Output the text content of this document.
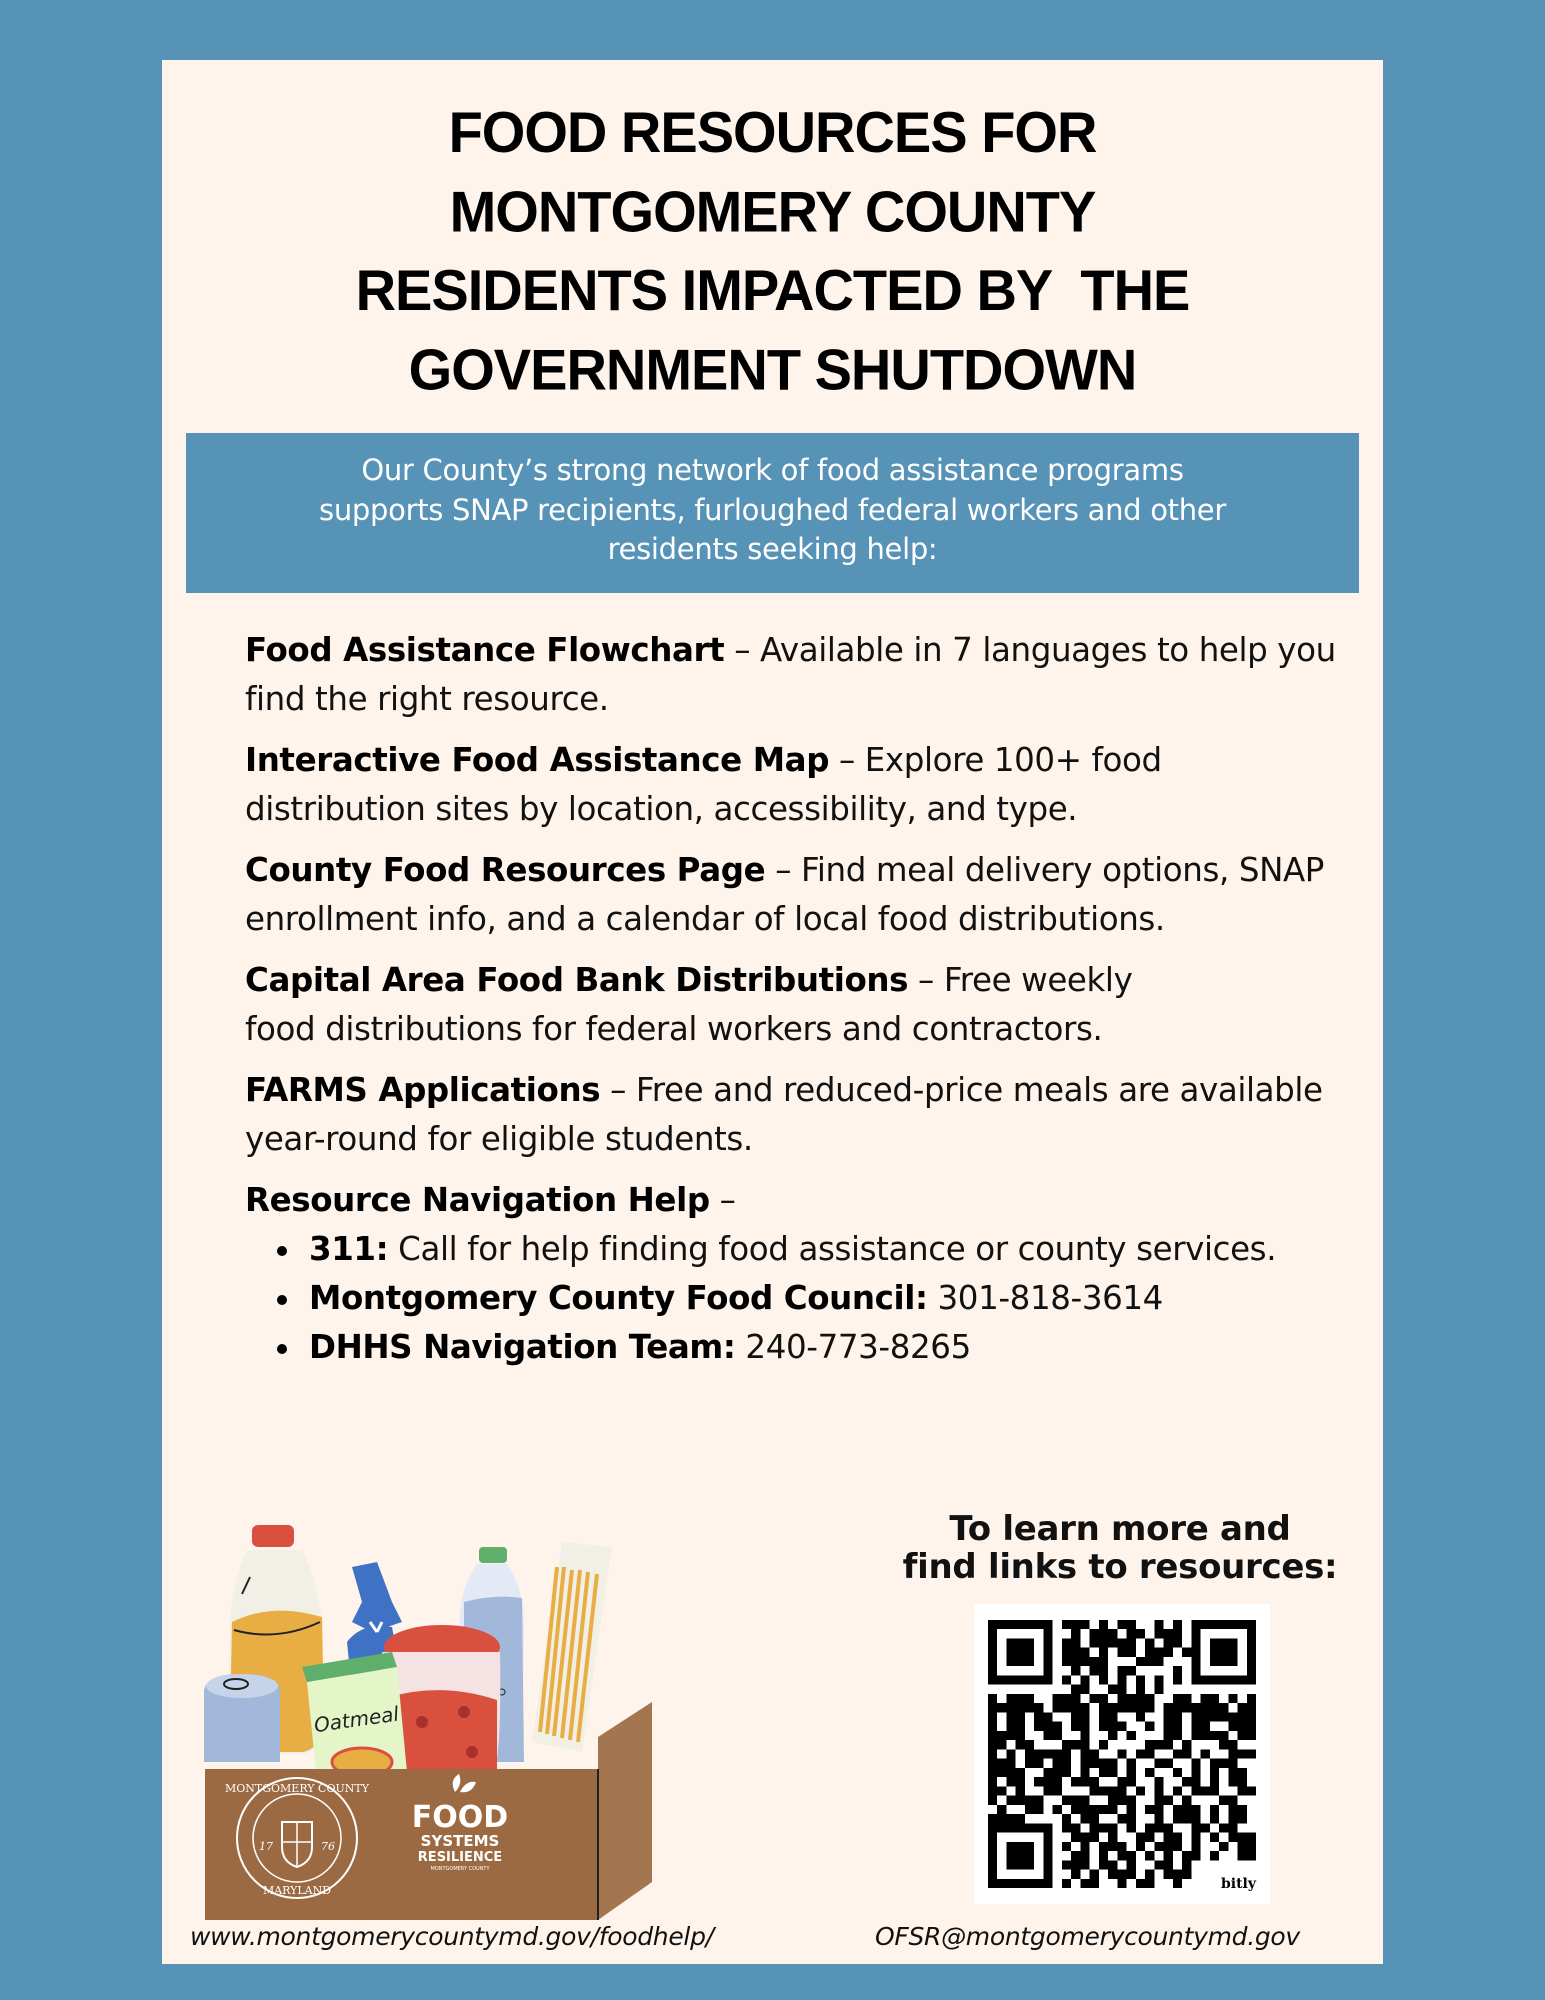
FOOD RESOURCES FOR
MONTGOMERY COUNTY
RESIDENTS IMPACTED BY  THE
GOVERNMENT SHUTDOWN
Our County’s strong network of food assistance programs
supports SNAP recipients, furloughed federal workers and other
residents seeking help:
Food Assistance Flowchart – Available in 7 languages to help you find the right resource.
Interactive Food Assistance Map – Explore 100+ food distribution sites by location, accessibility, and type.
County Food Resources Page – Find meal delivery options, SNAP enrollment info, and a calendar of local food distributions.
Capital Area Food Bank Distributions – Free weekly food distributions for federal workers and contractors.
FARMS Applications – Free and reduced-price meals are available year-round for eligible students.
Resource Navigation Help –
311: Call for help finding food assistance or county services.
Montgomery County Food Council: 301-818-3614
DHHS Navigation Team: 240-773-8265
To learn more and
find links to resources:
bitly
Oatmeal
MONTGOMERY COUNTY
MARYLAND
17	76
FOOD
SYSTEMS
RESILIENCE
MONTGOMERY COUNTY
www.montgomerycountymd.gov/foodhelp/	OFSR@montgomerycountymd.gov
